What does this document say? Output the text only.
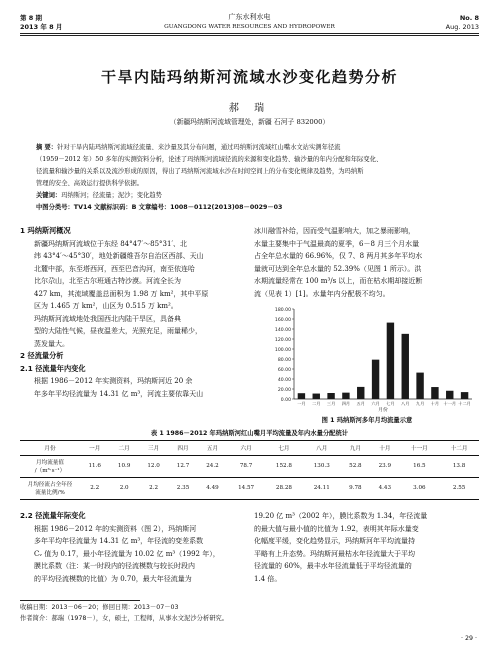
第 8 期
2013 年 8 月
广东水利水电
GUANGDONG WATER RESOURCES AND HYDROPOWER
No. 8
Aug. 2013
干旱内陆玛纳斯河流域水沙变化趋势分析
郝 瑞
（新疆玛纳斯河流域管理处，新疆 石河子 832000）
摘 要：针对干旱内陆玛纳斯河流域径流量、来沙量及其分布问题，通过玛纳斯河流域红山嘴水文站实测年径流
（1959－2012 年）50 多年的实测资料分析，论述了玛纳斯河流域径流的来源和变化趋势、输沙量的年内分配和年际变化、
径流量和输沙量的关系以及流沙形成的原因，得出了玛纳斯河流域水沙在时间空间上的分布变化规律及趋势，为玛纳斯
管理的安全、高效运行提供科学依据。
关键词：玛纳斯河；径流量；泥沙；变化趋势
中图分类号：TV14 文献标识码：B 文章编号：1008－0112(2013)08－0029－03
1 玛纳斯河概况
新疆玛纳斯河流域位于东经 84°47′～85°31′、北
纬 43°4′～45°30′，地处新疆维吾尔自治区西部、天山
北麓中部，东至塔西河，西至巴音沟河，南至依连哈
比尔尕山，北至古尔班通古特沙漠。河流全长为
427 km，其流域覆盖总面积为 1.98 万 km²，其中平原
区为 1.465 万 km²，山区为 0.515 万 km²。
玛纳斯河流域地处我国西北内陆干旱区，具备典
型的大陆性气候，昼夜温差大，光照充足，雨量稀少，
蒸发量大。
2 径流量分析
2.1 径流量年内变化
根据 1986－2012 年实测资料，玛纳斯河近 20 余
年多年平均径流量为 14.31 亿 m³，河流主要依靠天山
冰川融雪补给，因而受气温影响大，加之暴雨影响，
水量主要集中于气温最高的夏季，6－8 月三个月水量
占全年总水量的 66.96%，仅 7、8 两月其多年平均水
量就可达到全年总水量的 52.39%（见图 1 所示）。洪
水期流量经常在 100 m³/s 以上，而在枯水期却接近断
流（见表 1）[1]。水量年内分配极不均匀。
180.00
160.00
140.00
120.00
100.00
80.00
60.00
40.00
20.00
0.00
一月 二月 三月 四月 五月 六月 七月 八月 九月 十月 十一月 十二月
月份
图 1 玛纳斯河多年月均流量示意
表 1 1986－2012 年玛纳斯河红山嘴月平均流量及年内水量分配统计
月份	一月	二月	三月	四月	五月	六月	七月	八月	九月	十月	十一月	十二月

月均流量值
/（m³·s⁻¹）	11.6	10.9	12.0	12.7	24.2	78.7	152.8	130.3	52.8	23.9	16.5	13.8

月均径流占全年径
流量比例/%	2.2	2.0	2.2	2.35	4.49	14.57	28.28	24.11	9.78	4.43	3.06	2.55
2.2 径流量年际变化
根据 1986－2012 年的实测资料（图 2），玛纳斯河
多年平均年径流量为 14.31 亿 m³，年径流的变差系数
Cᵥ 值为 0.17，最小年径流量为 10.02 亿 m³（1992 年），
膜比系数（注：某一时段内的径流模数与较长时段内
的平均径流模数的比值）为 0.70，最大年径流量为
19.20 亿 m³（2002 年），膜比系数为 1.34，年径流量
的最大值与最小值的比值为 1.92，表明其年际水量变
化幅度平缓，变化趋势显示，玛纳斯河年平均流量持
平略有上升态势。玛纳斯河最枯水年径流量大于平均
径流量的 60%，最丰水年径流量低于平均径流量的
1.4 倍。
收稿日期：2013－06－20；修回日期：2013－07－03
作者简介：郝瑞（1978－），女，硕士，工程师，从事水文泥沙分析研究。
· 29 ·
